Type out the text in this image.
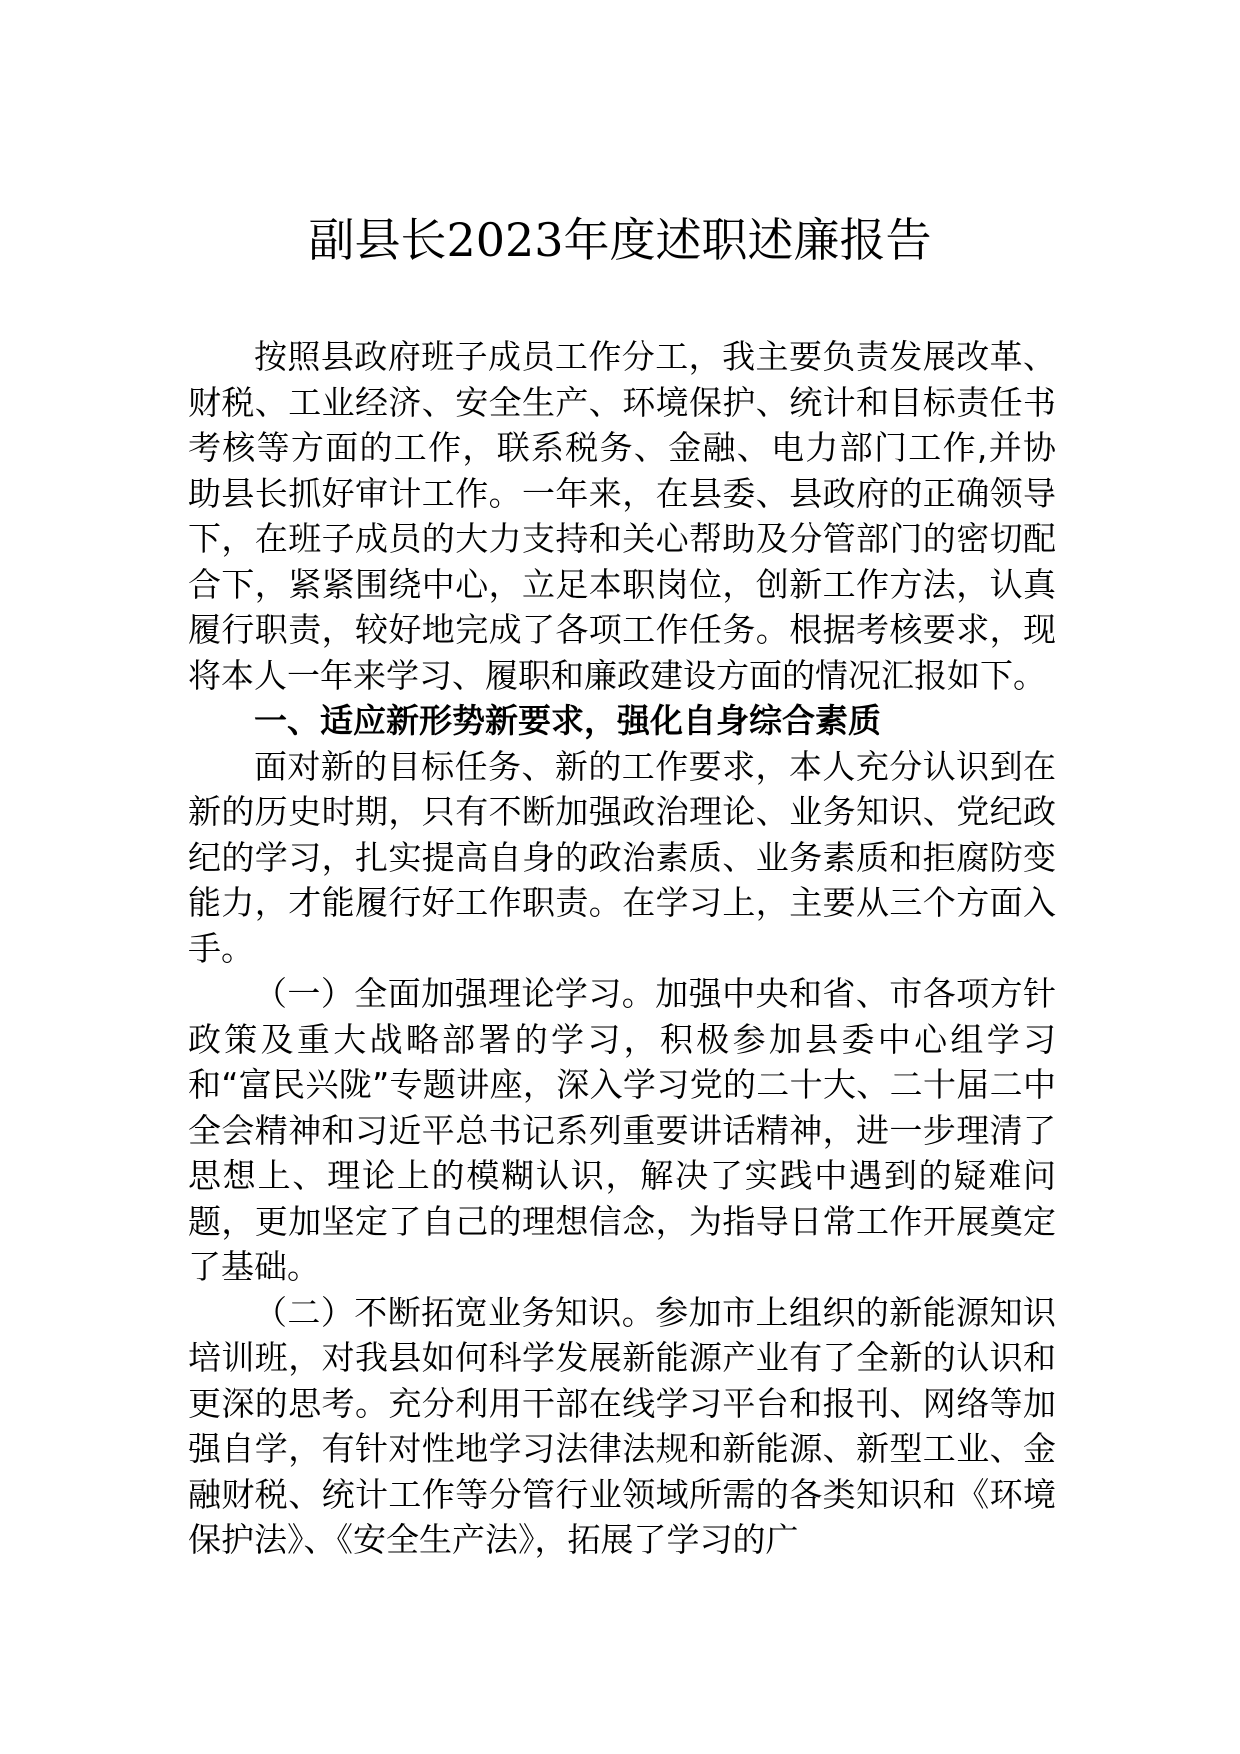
副县长2023年度述职述廉报告

按照县政府班子成员工作分工，我主要负责发展改革、财税、工业经济、安全生产、环境保护、统计和目标责任书考核等方面的工作，联系税务、金融、电力部门工作,并协助县长抓好审计工作。一年来，在县委、县政府的正确领导下，在班子成员的大力支持和关心帮助及分管部门的密切配合下，紧紧围绕中心，立足本职岗位，创新工作方法，认真履行职责，较好地完成了各项工作任务。根据考核要求，现将本人一年来学习、履职和廉政建设方面的情况汇报如下。

一、适应新形势新要求，强化自身综合素质

面对新的目标任务、新的工作要求，本人充分认识到在新的历史时期，只有不断加强政治理论、业务知识、党纪政纪的学习，扎实提高自身的政治素质、业务素质和拒腐防变能力，才能履行好工作职责。在学习上，主要从三个方面入手。

（一）全面加强理论学习。加强中央和省、市各项方针政策及重大战略部署的学习，积极参加县委中心组学习和“富民兴陇”专题讲座，深入学习党的二十大、二十届二中全会精神和习近平总书记系列重要讲话精神，进一步理清了思想上、理论上的模糊认识，解决了实践中遇到的疑难问题，更加坚定了自己的理想信念，为指导日常工作开展奠定了基础。

（二）不断拓宽业务知识。参加市上组织的新能源知识培训班，对我县如何科学发展新能源产业有了全新的认识和更深的思考。充分利用干部在线学习平台和报刊、网络等加强自学，有针对性地学习法律法规和新能源、新型工业、金融财税、统计工作等分管行业领域所需的各类知识和《环境保护法》、《安全生产法》，拓展了学习的广
